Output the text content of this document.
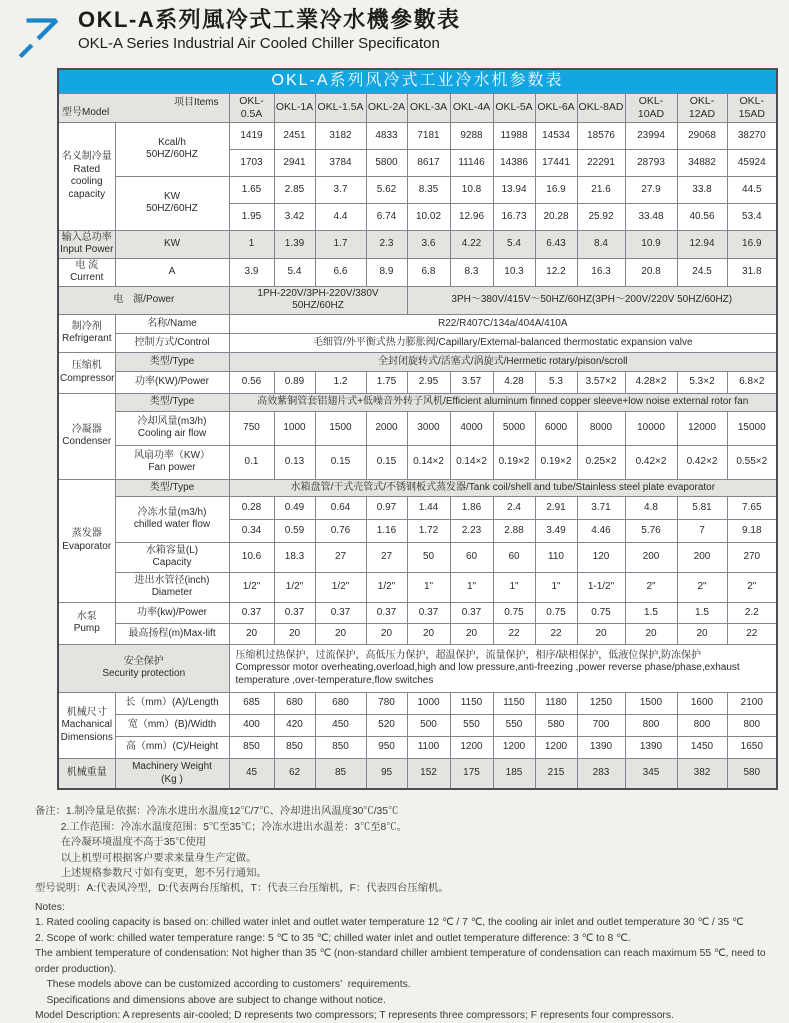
OKL-A系列風冷式工業冷水機參數表
OKL-A Series Industrial Air Cooled Chiller Specificaton
OKL-A系列风冷式工业冷水机参数表													

型号Model
项目Items		OKL-0.5A	OKL-1A	OKL-1.5A	OKL-2A	OKL-3A	OKL-4A	OKL-5A	OKL-6A	OKL-8AD	OKL-10AD	OKL-12AD	OKL-15AD

名义制冷量
Rated cooling capacity	Kcal/h
50HZ/60HZ	1419	2451	3182	4833	7181	9288	11988	14534	18576	23994	29068	38270
		1703	2941	3784	5800	8617	11146	14386	17441	22291	28793	34882	45924

	KW
50HZ/60HZ	1.65	2.85	3.7	5.62	8.35	10.8	13.94	16.9	21.6	27.9	33.8	44.5
		1.95	3.42	4.4	6.74	10.02	12.96	16.73	20.28	25.92	33.48	40.56	53.4

输入总功率
Input Power	KW	1	1.39	1.7	2.3	3.6	4.22	5.4	6.43	8.4	10.9	12.94	16.9

电 流
Current	A	3.9	5.4	6.6	8.9	6.8	8.3	10.3	12.2	16.3	20.8	24.5	31.8
电　源/Power		1PH-220V/3PH-220V/380V 50HZ/60HZ				3PH～380V/415V～50HZ/60HZ(3PH～200V/220V 50HZ/60HZ)							

制冷剂
Refrigerant	名称/Name	R22/R407C/134a/404A/410A											
	控制方式/Control	毛细管/外平衡式热力膨胀阀/Capillary/External-balanced thermostatic expansion valve											

压缩机
Compressor	类型/Type	全封闭旋转式/活塞式/涡旋式/Hermetic rotary/pison/scroll											
	功率(KW)/Power	0.56	0.89	1.2	1.75	2.95	3.57	4.28	5.3	3.57×2	4.28×2	5.3×2	6.8×2

冷凝器
Condenser	类型/Type	高效紫铜管套铝翅片式+低噪音外转子风机/Efficient aluminum finned copper sleeve+low noise external rotor fan											

	冷却风量(m3/h)
Cooling air flow	750	1000	1500	2000	3000	4000	5000	6000	8000	10000	12000	15000

	风扇功率（KW）
Fan power	0.1	0.13	0.15	0.15	0.14×2	0.14×2	0.19×2	0.19×2	0.25×2	0.42×2	0.42×2	0.55×2

蒸发器
Evaporator	类型/Type	水箱盘管/干式壳管式/不锈钢板式蒸发器/Tank coil/shell and tube/Stainless steel plate evaporator											

	冷冻水量(m3/h)
chilled water flow	0.28	0.49	0.64	0.97	1.44	1.86	2.4	2.91	3.71	4.8	5.81	7.65
		0.34	0.59	0.76	1.16	1.72	2.23	2.88	3.49	4.46	5.76	7	9.18

	水箱容量(L)
Capacity	10.6	18.3	27	27	50	60	60	110	120	200	200	270

	进出水管径(inch)
Diameter	1/2"	1/2"	1/2"	1/2"	1"	1"	1"	1"	1-1/2"	2"	2"	2"

水泵
Pump	功率(kw)/Power	0.37	0.37	0.37	0.37	0.37	0.37	0.75	0.75	0.75	1.5	1.5	2.2
	最高扬程(m)Max-lift	20	20	20	20	20	20	22	22	20	20	20	22

安全保护
Security protection		压缩机过热保护，过流保护，高低压力保护，超温保护，流量保护，相序/缺相保护，低液位保护,防冻保护
Compressor motor overheating,overload,high and low pressure,anti-freezing ,power reverse phase/phase,exhaust temperature ,over-temperature,flow switches											

机械尺寸
Machanical
Dimensions	长（mm）(A)/Length	685	680	680	780	1000	1150	1150	1180	1250	1500	1600	2100
	宽（mm）(B)/Width	400	420	450	520	500	550	550	580	700	800	800	800
	高（mm）(C)/Height	850	850	850	950	1100	1200	1200	1200	1390	1390	1450	1650
机械重量	Machinery Weight
(Kg )	45	62	85	95	152	175	185	215	283	345	382	580
备注：1.制冷量是依据：冷冻水进出水温度12℃/7℃、冷却进出风温度30℃/35℃
2.工作范围：冷冻水温度范围：5℃至35℃；冷冻水进出水温差：3℃至8℃。
在冷凝环境温度不高于35℃使用
以上机型可根据客户要求来量身生产定做。
上述规格参数尺寸如有变更，恕不另行通知。
型号说明：A:代表风冷型，D:代表两台压缩机，T：代表三台压缩机，F：代表四台压缩机。
Notes:
1. Rated cooling capacity is based on: chilled water inlet and outlet water temperature 12 ℃ / 7 ℃, the cooling air inlet and outlet temperature 30 ℃ / 35 ℃
2. Scope of work: chilled water temperature range: 5 ℃ to 35 ℃; chilled water inlet and outlet temperature difference: 3 ℃ to 8 ℃.
The ambient temperature of condensation: Not higher than 35 ℃ (non-standard chiller ambient temperature of condensation can reach maximum 55 ℃, need to order production).
These models above can be customized according to customers’  requirements.
Specifications and dimensions above are subject to change without notice.
Model Description: A represents air-cooled; D represents two compressors; T represents three compressors; F represents four compressors.
